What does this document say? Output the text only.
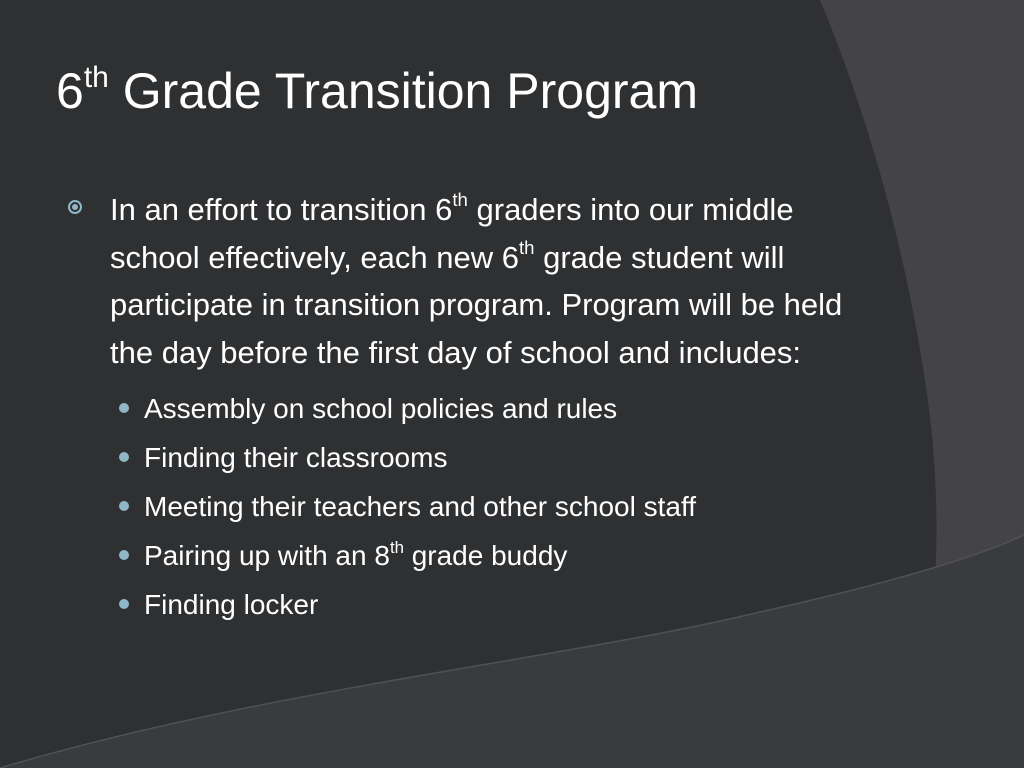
6th Grade Transition Program
In an effort to transition 6th graders into our middle school effectively, each new 6th grade student will participate in transition program. Program will be held the day before the first day of school and includes:
Assembly on school policies and rules
Finding their classrooms
Meeting their teachers and other school staff
Pairing up with an 8th grade buddy
Finding locker
